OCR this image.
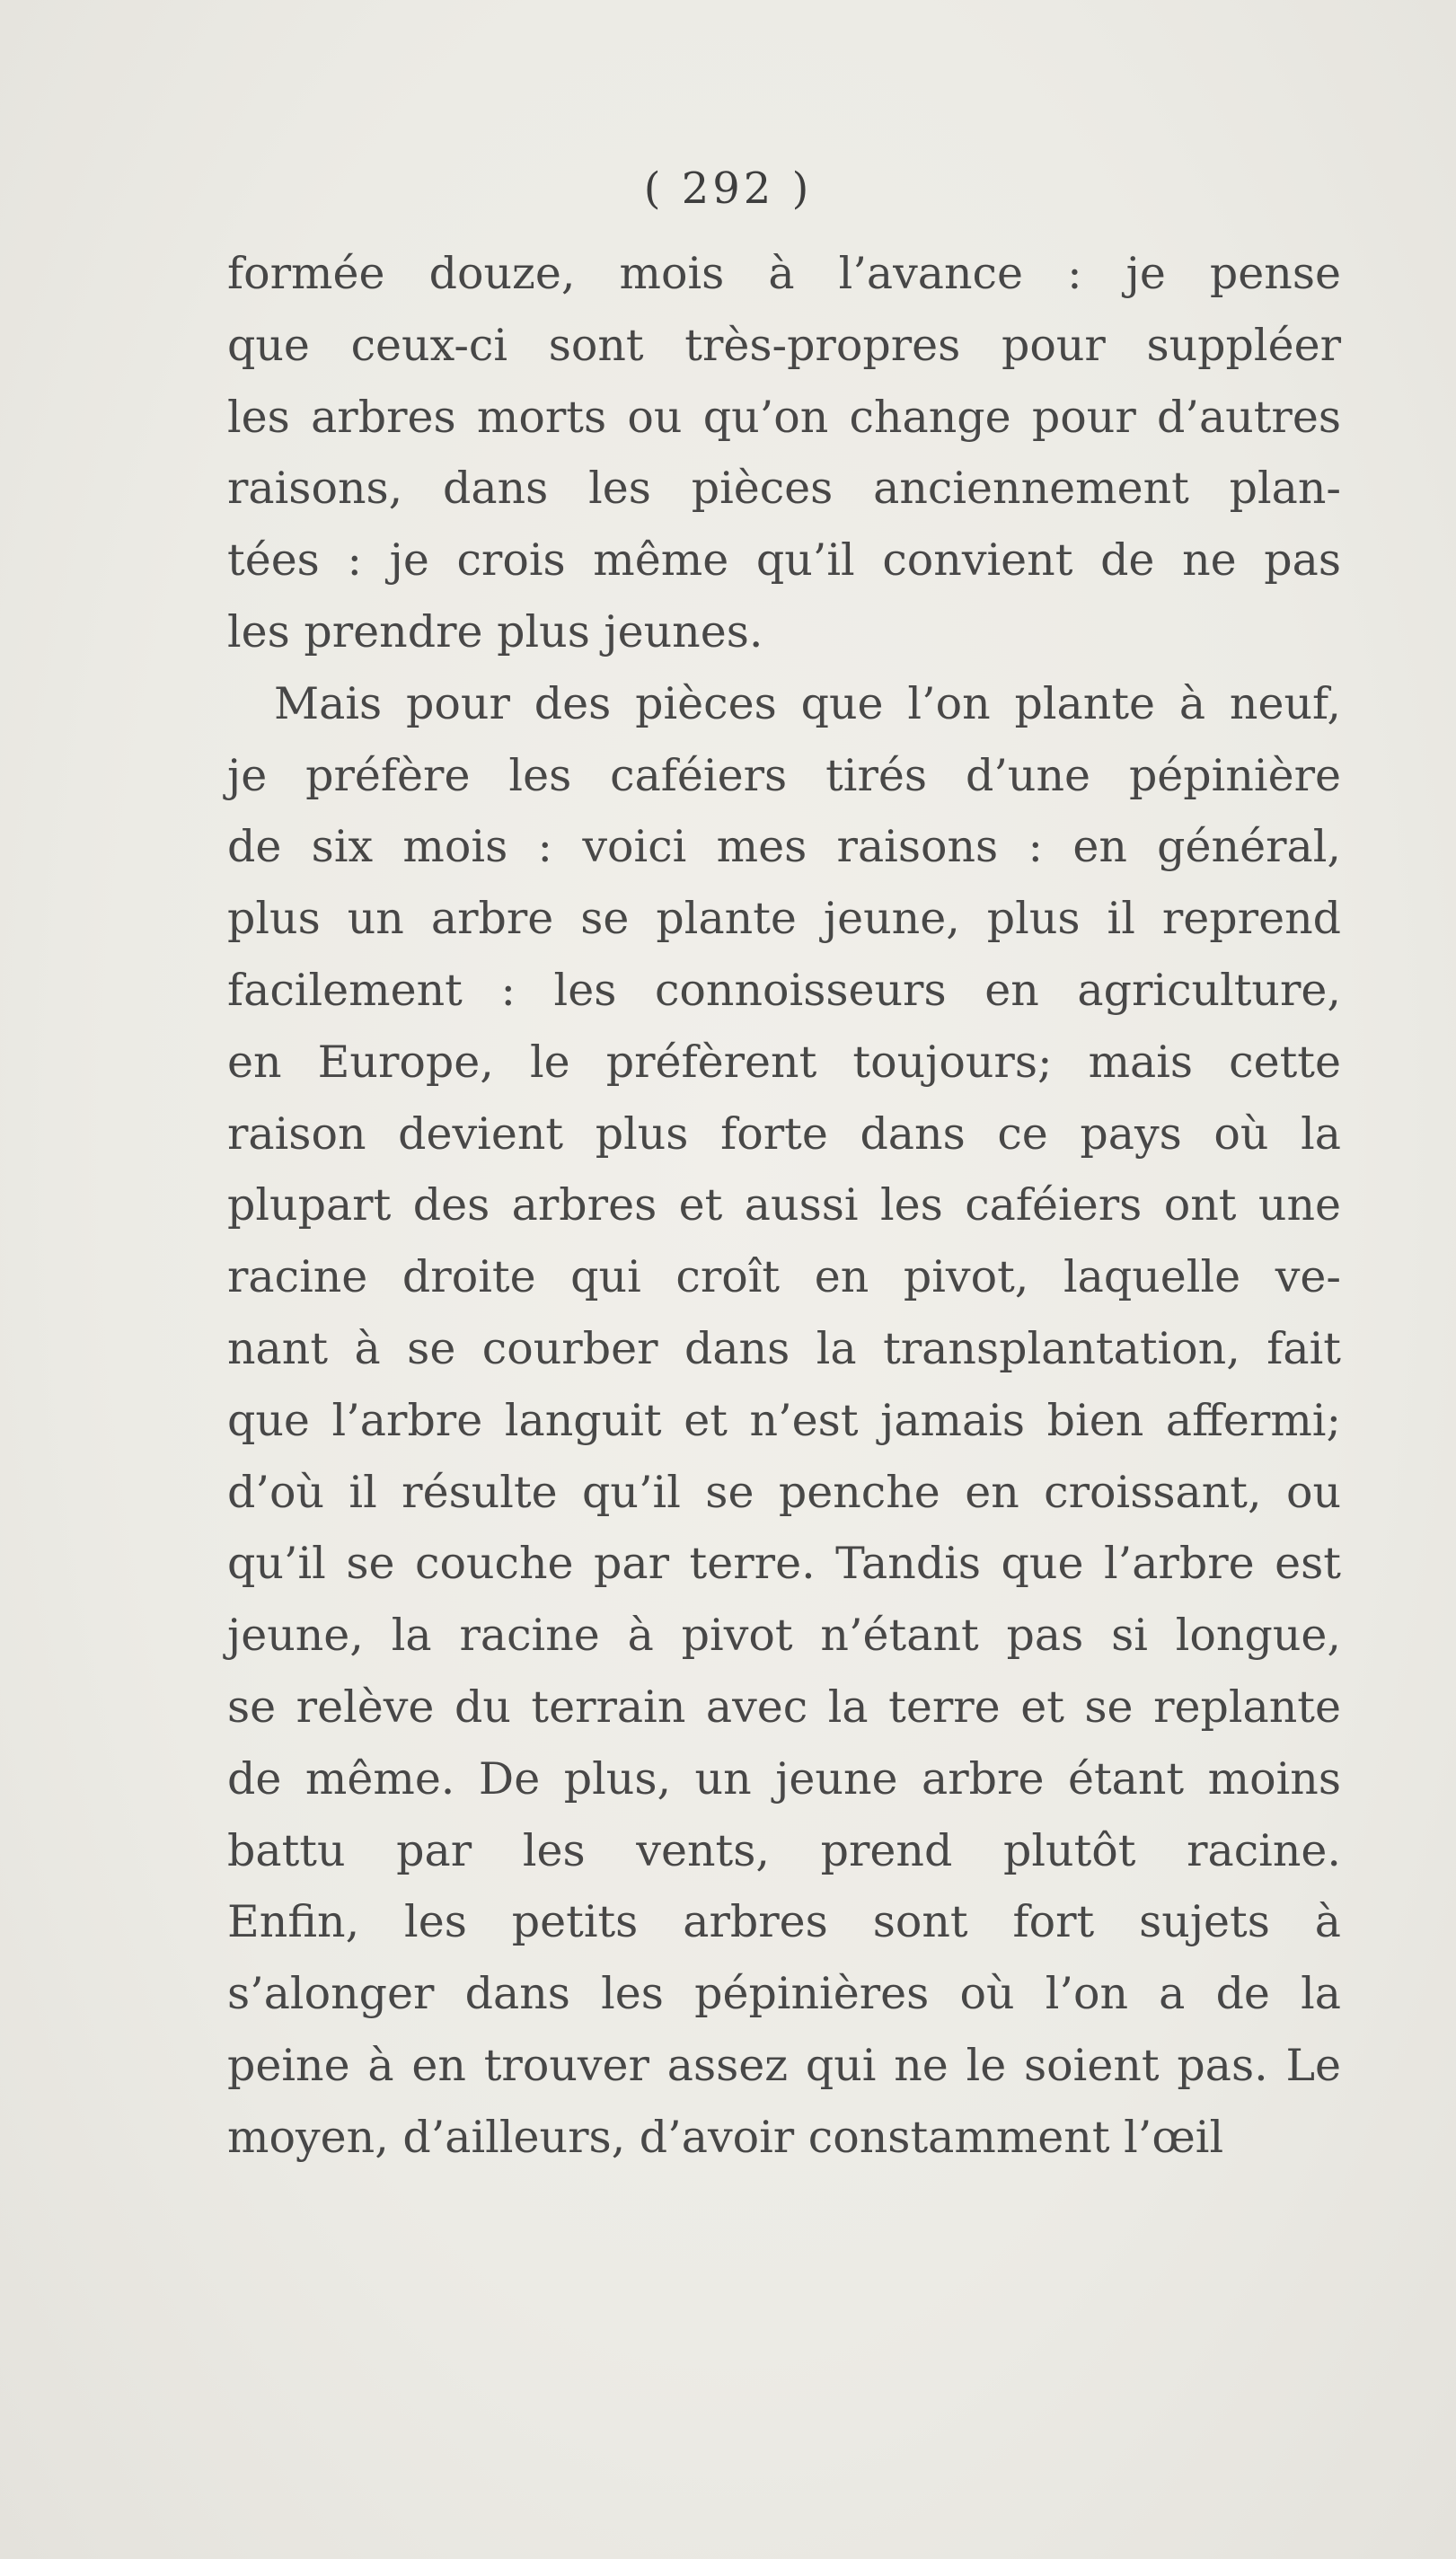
( 292 )
formée douze, mois à l’avance : je pense
que ceux-ci sont très-propres pour suppléer
les arbres morts ou qu’on change pour d’autres
raisons, dans les pièces anciennement plan-
tées : je crois même qu’il convient de ne pas
les prendre plus jeunes.
Mais pour des pièces que l’on plante à neuf,
je préfère les caféiers tirés d’une pépinière
de six mois : voici mes raisons : en général,
plus un arbre se plante jeune, plus il reprend
facilement : les connoisseurs en agriculture,
en Europe, le préfèrent toujours; mais cette
raison devient plus forte dans ce pays où la
plupart des arbres et aussi les caféiers ont une
racine droite qui croît en pivot, laquelle ve-
nant à se courber dans la transplantation, fait
que l’arbre languit et n’est jamais bien affermi;
d’où il résulte qu’il se penche en croissant, ou
qu’il se couche par terre. Tandis que l’arbre est
jeune, la racine à pivot n’étant pas si longue,
se relève du terrain avec la terre et se replante
de même. De plus, un jeune arbre étant moins
battu par les vents, prend plutôt racine.
Enfin, les petits arbres sont fort sujets à
s’alonger dans les pépinières où l’on a de la
peine à en trouver assez qui ne le soient pas. Le
moyen, d’ailleurs, d’avoir constamment l’œil
